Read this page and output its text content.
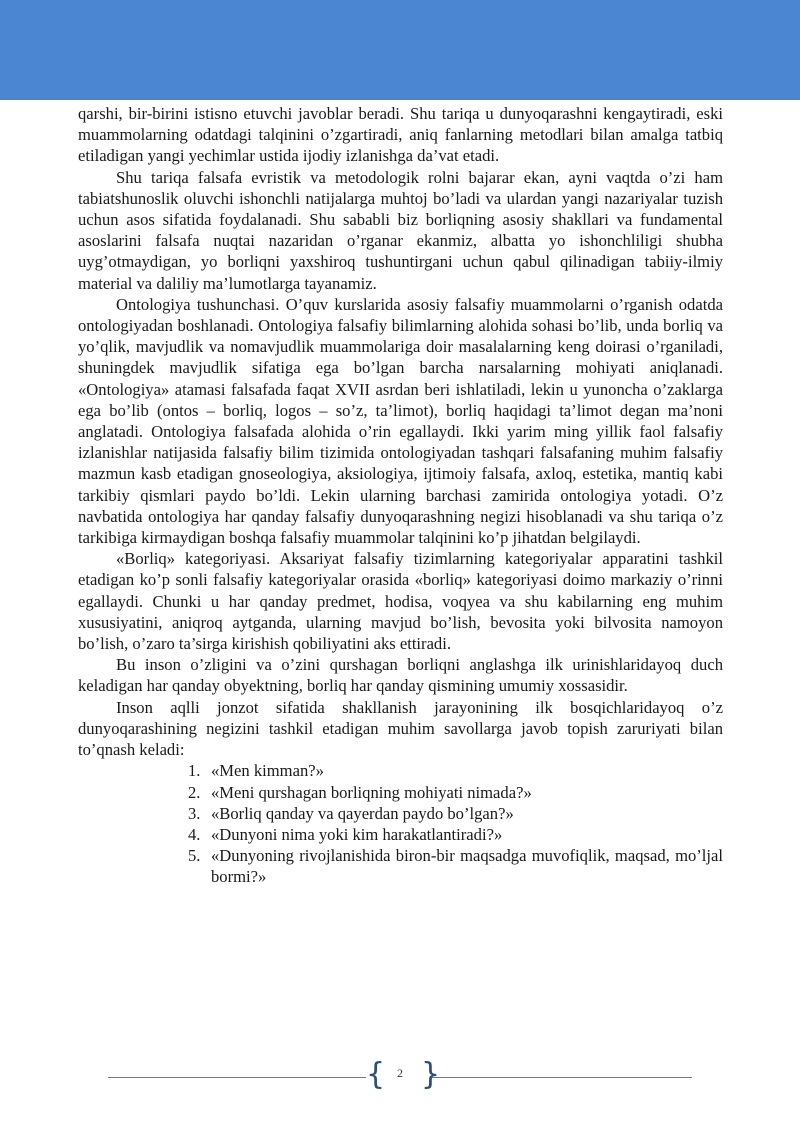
qarshi, bir-birini istisno etuvchi javoblar beradi. Shu tariqa u dunyoqarashni kengaytiradi, eski muammolarning odatdagi talqinini o’zgartiradi, aniq fanlarning metodlari bilan amalga tatbiq etiladigan yangi yechimlar ustida ijodiy izlanishga da’vat etadi.

Shu tariqa falsafa evristik va metodologik rolni bajarar ekan, ayni vaqtda o’zi ham tabiatshunoslik oluvchi ishonchli natijalarga muhtoj bo’ladi va ulardan yangi nazariyalar tuzish uchun asos sifatida foydalanadi. Shu sababli biz borliqning asosiy shakllari va fundamental asoslarini falsafa nuqtai nazaridan o’rganar ekanmiz, albatta yo ishonchliligi shubha uyg’otmaydigan, yo borliqni yaxshiroq tushuntirgani uchun qabul qilinadigan tabiiy-ilmiy material va daliliy ma’lumotlarga tayanamiz.

Ontologiya tushunchasi. O’quv kurslarida asosiy falsafiy muammolarni o’rganish odatda ontologiyadan boshlanadi. Ontologiya falsafiy bilimlarning alohida sohasi bo’lib, unda borliq va yo’qlik, mavjudlik va nomavjudlik muammolariga doir masalalarning keng doirasi o’rganiladi, shuningdek mavjudlik sifatiga ega bo’lgan barcha narsalarning mohiyati aniqlanadi. «Ontologiya» atamasi falsafada faqat XVII asrdan beri ishlatiladi, lekin u yunoncha o’zaklarga ega bo’lib (ontos – borliq, logos – so’z, ta’limot), borliq haqidagi ta’limot degan ma’noni anglatadi. Ontologiya falsafada alohida o’rin egallaydi. Ikki yarim ming yillik faol falsafiy izlanishlar natijasida falsafiy bilim tizimida ontologiyadan tashqari falsafaning muhim falsafiy mazmun kasb etadigan gnoseologiya, aksiologiya, ijtimoiy falsafa, axloq, estetika, mantiq kabi tarkibiy qismlari paydo bo’ldi. Lekin ularning barchasi zamirida ontologiya yotadi. O’z navbatida ontologiya har qanday falsafiy dunyoqarashning negizi hisoblanadi va shu tariqa o’z tarkibiga kirmaydigan boshqa falsafiy muammolar talqinini ko’p jihatdan belgilaydi.

«Borliq» kategoriyasi. Aksariyat falsafiy tizimlarning kategoriyalar apparatini tashkil etadigan ko’p sonli falsafiy kategoriyalar orasida «borliq» kategoriyasi doimo markaziy o’rinni egallaydi. Chunki u har qanday predmet, hodisa, voqyea va shu kabilarning eng muhim xususiyatini, aniqroq aytganda, ularning mavjud bo’lish, bevosita yoki bilvosita namoyon bo’lish, o’zaro ta’sirga kirishish qobiliyatini aks ettiradi.

Bu inson o’zligini va o’zini qurshagan borliqni anglashga ilk urinishlaridayoq duch keladigan har qanday obyektning, borliq har qanday qismining umumiy xossasidir.

Inson aqlli jonzot sifatida shakllanish jarayonining ilk bosqichlaridayoq o’z dunyoqarashining negizini tashkil etadigan muhim savollarga javob topish zaruriyati bilan to’qnash keladi:

1. «Men kimman?»
2. «Meni qurshagan borliqning mohiyati nimada?»
3. «Borliq qanday va qayerdan paydo bo’lgan?»
4. «Dunyoni nima yoki kim harakatlantiradi?»
5. «Dunyoning rivojlanishida biron-bir maqsadga muvofiqlik, maqsad, mo’ljal bormi?»
{ 2 }
